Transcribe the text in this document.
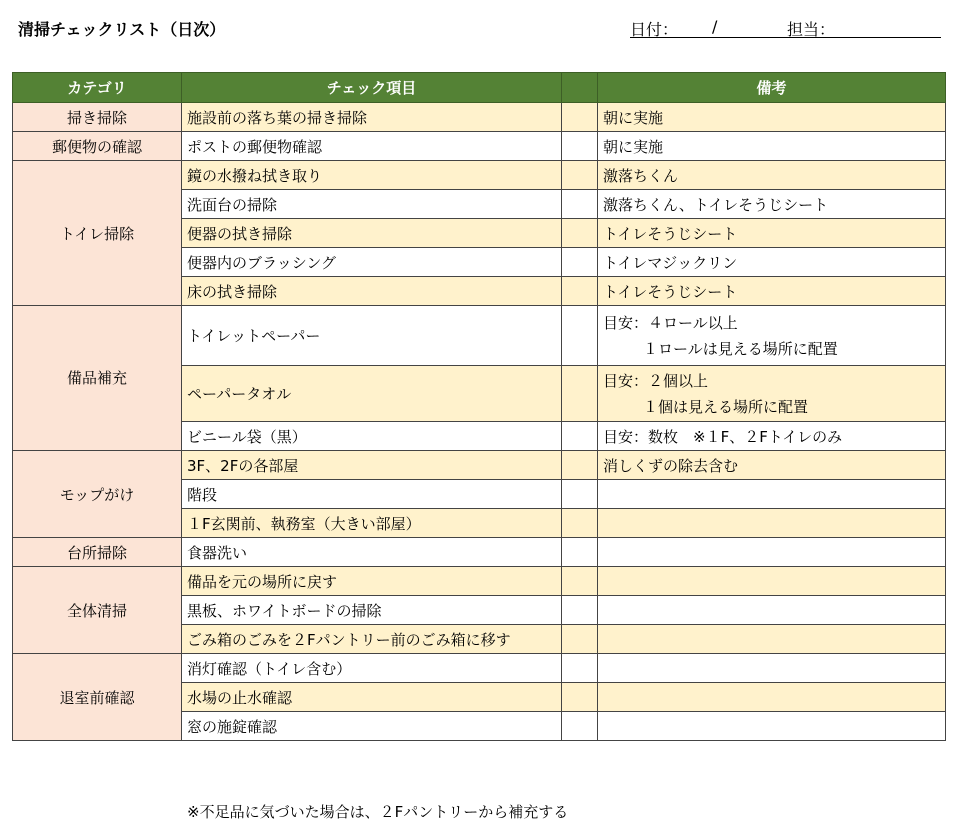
清掃チェックリスト（日次）	日付： /	担当：
カテゴリ	チェック項目		備考
掃き掃除	施設前の落ち葉の掃き掃除		朝に実施
郵便物の確認	ポストの郵便物確認		朝に実施
トイレ掃除	鏡の水撥ね拭き取り		激落ちくん
	洗面台の掃除		激落ちくん、トイレそうじシート
	便器の拭き掃除		トイレそうじシート
	便器内のブラッシング		トイレマジックリン
	床の拭き掃除		トイレそうじシート
備品補充	トイレットペーパー		目安：４ロール以上
１ロールは見える場所に配置

	ペーパータオル		目安：２個以上
１個は見える場所に配置

	ビニール袋（黒）		目安：数枚　※１F、２Fトイレのみ
モップがけ	3F、2Fの各部屋		消しくずの除去含む
	階段		
	１F玄関前、執務室（大きい部屋）		
台所掃除	食器洗い		
全体清掃	備品を元の場所に戻す		
	黒板、ホワイトボードの掃除		
	ごみ箱のごみを２Fパントリー前のごみ箱に移す		
退室前確認	消灯確認（トイレ含む）		
	水場の止水確認		
	窓の施錠確認		
※不足品に気づいた場合は、２Fパントリーから補充する
